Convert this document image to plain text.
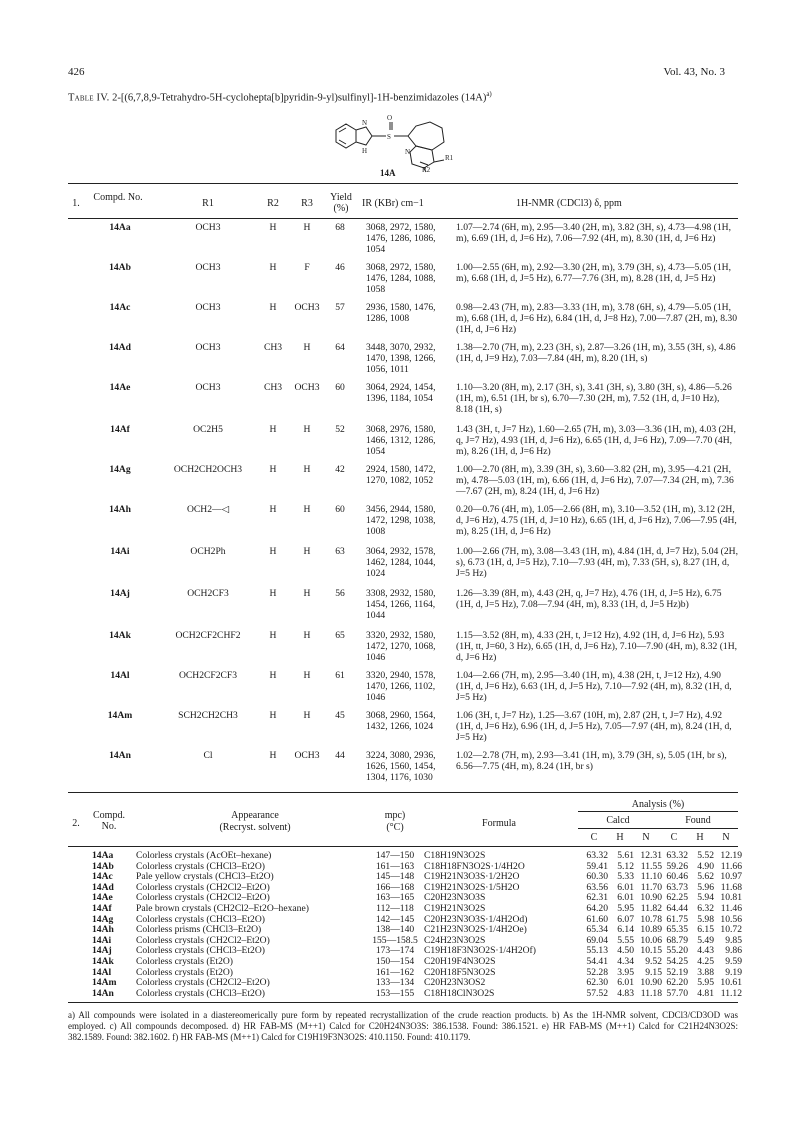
426	Vol. 43, No. 3
Table IV. 2-[(6,7,8,9-Tetrahydro-5H-cyclohepta[b]pyridin-9-yl)sulfinyl]-1H-benzimidazoles $(14A)^{a)}$
N
H
S
O
N
R1
R2
14A
1.
Compd. No.
R1	R2	R3
Yield (%)	IR (KBr) cm−1	1H-NMR (CDCl3) δ, ppm
14Aa	OCH3	H	H	68	3068, 2972, 1580, 1476, 1286, 1086, 1054
1.07—2.74 (6H, m), 2.95—3.40 (2H, m), 3.82 (3H, s), 4.73—4.98 (1H, m), 6.69 (1H, d, J=6 Hz), 7.06—7.92 (4H, m), 8.30 (1H, d, J=6 Hz)
14Ab	OCH3	H	F	46	3068, 2972, 1580, 1476, 1284, 1088, 1058
1.00—2.55 (6H, m), 2.92—3.30 (2H, m), 3.79 (3H, s), 4.73—5.05 (1H, m), 6.68 (1H, d, J=5 Hz), 6.77—7.76 (3H, m), 8.28 (1H, d, J=5 Hz)
14Ac	OCH3	H	OCH3	57	2936, 1580, 1476, 1286, 1008
0.98—2.43 (7H, m), 2.83—3.33 (1H, m), 3.78 (6H, s), 4.79—5.05 (1H, m), 6.68 (1H, d, J=6 Hz), 6.84 (1H, d, J=8 Hz), 7.00—7.87 (2H, m), 8.30 (1H, d, J=6 Hz)
14Ad	OCH3	CH3	H	64	3448, 3070, 2932, 1470, 1398, 1266, 1056, 1011
1.38—2.70 (7H, m), 2.23 (3H, s), 2.87—3.26 (1H, m), 3.55 (3H, s), 4.86 (1H, d, J=9 Hz), 7.03—7.84 (4H, m), 8.20 (1H, s)
14Ae	OCH3	CH3	OCH3	60	3064, 2924, 1454, 1396, 1184, 1054
1.10—3.20 (8H, m), 2.17 (3H, s), 3.41 (3H, s), 3.80 (3H, s), 4.86—5.26 (1H, m), 6.51 (1H, br s), 6.70—7.30 (2H, m), 7.52 (1H, d, J=10 Hz), 8.18 (1H, s)
14Af	OC2H5	H	H	52	3068, 2976, 1580, 1466, 1312, 1286, 1054
1.43 (3H, t, J=7 Hz), 1.60—2.65 (7H, m), 3.03—3.36 (1H, m), 4.03 (2H, q, J=7 Hz), 4.93 (1H, d, J=6 Hz), 6.65 (1H, d, J=6 Hz), 7.09—7.70 (4H, m), 8.26 (1H, d, J=6 Hz)
14Ag	OCH2CH2OCH3	H	H	42	2924, 1580, 1472, 1270, 1082, 1052
1.00—2.70 (8H, m), 3.39 (3H, s), 3.60—3.82 (2H, m), 3.95—4.21 (2H, m), 4.78—5.03 (1H, m), 6.66 (1H, d, J=6 Hz), 7.07—7.34 (2H, m), 7.36—7.67 (2H, m), 8.24 (1H, d, J=6 Hz)
14Ah	OCH2—◁	H	H	60	3456, 2944, 1580, 1472, 1298, 1038, 1008
0.20—0.76 (4H, m), 1.05—2.66 (8H, m), 3.10—3.52 (1H, m), 3.12 (2H, d, J=6 Hz), 4.75 (1H, d, J=10 Hz), 6.65 (1H, d, J=6 Hz), 7.06—7.95 (4H, m), 8.25 (1H, d, J=6 Hz)
14Ai	OCH2Ph	H	H	63	3064, 2932, 1578, 1462, 1284, 1044, 1024
1.00—2.66 (7H, m), 3.08—3.43 (1H, m), 4.84 (1H, d, J=7 Hz), 5.04 (2H, s), 6.73 (1H, d, J=5 Hz), 7.10—7.93 (4H, m), 7.33 (5H, s), 8.27 (1H, d, J=5 Hz)
14Aj	OCH2CF3	H	H	56	3308, 2932, 1580, 1454, 1266, 1164, 1044
1.26—3.39 (8H, m), 4.43 (2H, q, J=7 Hz), 4.76 (1H, d, J=5 Hz), 6.75 (1H, d, J=5 Hz), 7.08—7.94 (4H, m), 8.33 (1H, d, J=5 Hz)b)
14Ak	OCH2CF2CHF2	H	H	65	3320, 2932, 1580, 1472, 1270, 1068, 1046
1.15—3.52 (8H, m), 4.33 (2H, t, J=12 Hz), 4.92 (1H, d, J=6 Hz), 5.93 (1H, tt, J=60, 3 Hz), 6.65 (1H, d, J=6 Hz), 7.10—7.90 (4H, m), 8.32 (1H, d, J=6 Hz)
14Al	OCH2CF2CF3	H	H	61	3320, 2940, 1578, 1470, 1266, 1102, 1046
1.04—2.66 (7H, m), 2.95—3.40 (1H, m), 4.38 (2H, t, J=12 Hz), 4.90 (1H, d, J=6 Hz), 6.63 (1H, d, J=5 Hz), 7.10—7.92 (4H, m), 8.32 (1H, d, J=5 Hz)
14Am	SCH2CH2CH3	H	H	45	3068, 2960, 1564, 1432, 1266, 1024
1.06 (3H, t, J=7 Hz), 1.25—3.67 (10H, m), 2.87 (2H, t, J=7 Hz), 4.92 (1H, d, J=6 Hz), 6.96 (1H, d, J=5 Hz), 7.05—7.97 (4H, m), 8.24 (1H, d, J=5 Hz)
14An	Cl	H	OCH3	44	3224, 3080, 2936, 1626, 1560, 1454, 1304, 1176, 1030
1.02—2.78 (7H, m), 2.93—3.41 (1H, m), 3.79 (3H, s), 5.05 (1H, br s), 6.56—7.75 (4H, m), 8.24 (1H, br s)
2.
Compd. No.
Appearance
(Recryst. solvent)
mpc)
(°C)	Formula
Analysis (%)
Calcd	Found
C	H	N	C	H	N
14Aa	Colorless crystals (AcOEt–hexane)	147—150	C18H19N3O2S	63.32 5.61 12.31 63.32 5.52 12.19
14Ab	Colorless crystals (CHCl3–Et2O)	161—163	C18H18FN3O2S·1/4H2O	59.41 5.12 11.55 59.26 4.90 11.66
14Ac	Pale yellow crystals (CHCl3–Et2O)	145—148	C19H21N3O3S·1/2H2O	60.30 5.33 11.10 60.46 5.62 10.97
14Ad	Colorless crystals (CH2Cl2–Et2O)	166—168	C19H21N3O2S·1/5H2O	63.56 6.01 11.70 63.73 5.96 11.68
14Ae	Colorless crystals (CH2Cl2–Et2O)	163—165	C20H23N3O3S	62.31 6.01 10.90 62.25 5.94 10.81
14Af	Pale brown crystals (CH2Cl2–Et2O–hexane)	112—118	C19H21N3O2S	64.20 5.95 11.82 64.44 6.32 11.46
14Ag	Colorless crystals (CHCl3–Et2O)	142—145	C20H23N3O3S·1/4H2Od)	61.60 6.07 10.78 61.75 5.98 10.56
14Ah	Colorless prisms (CHCl3–Et2O)	138—140	C21H23N3O2S·1/4H2Oe)	65.34 6.14 10.89 65.35 6.15 10.72
14Ai	Colorless crystals (CH2Cl2–Et2O)	155—158.5 C24H23N3O2S	69.04 5.55 10.06 68.79 5.49	9.85
14Aj	Colorless crystals (CHCl3–Et2O)	173—174	C19H18F3N3O2S·1/4H2Of)	55.13 4.50 10.15 55.20 4.43	9.86
14Ak	Colorless crystals (Et2O)	150—154	C20H19F4N3O2S	54.41 4.34	9.52 54.25 4.25	9.59
14Al	Colorless crystals (Et2O)	161—162	C20H18F5N3O2S	52.28 3.95	9.15 52.19 3.88	9.19
14Am	Colorless crystals (CH2Cl2–Et2O)	133—134	C20H23N3OS2	62.30 6.01 10.90 62.20 5.95 10.61
14An	Colorless crystals (CHCl3–Et2O)	153—155	C18H18ClN3O2S	57.52 4.83 11.18 57.70 4.81 11.12
a) All compounds were isolated in a diastereomerically pure form by repeated recrystallization of the crude reaction products. b) As the 1H-NMR solvent, CDCl3/CD3OD was employed. c) All compounds decomposed. d) HR FAB-MS (M++1) Calcd for C20H24N3O3S: 386.1538. Found: 386.1521. e) HR FAB-MS (M++1) Calcd for C21H24N3O2S: 382.1589. Found: 382.1602. f) HR FAB-MS (M++1) Calcd for C19H19F3N3O2S: 410.1150. Found: 410.1179.
